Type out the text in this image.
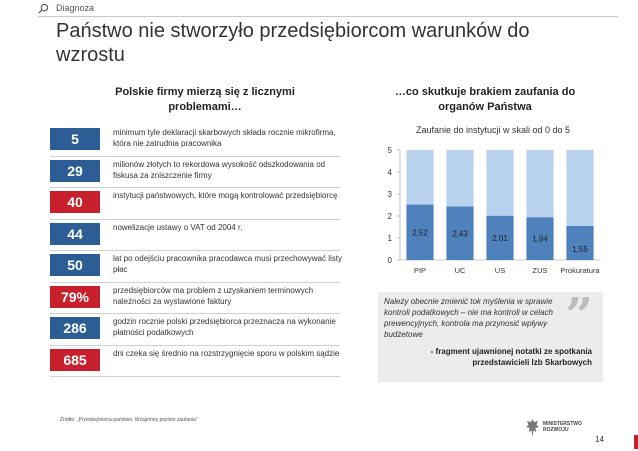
Diagnoza
Państwo nie stworzyło przedsiębiorcom warunków do wzrostu
Polskie firmy mierzą się z licznymi problemami…
…co skutkuje brakiem zaufania do organów Państwa
5	minimum tyle deklaracji skarbowych składa rocznie mikrofirma, która nie zatrudnia pracownika
29	milionów złotych to rekordowa wysokość odszkodowania od fiskusa za zniszczenie firmy
40	instytucji państwowych, które mogą kontrolować przedsiębiorcę
44	nowelizacje ustawy o VAT od 2004 r.
50	lat po odejściu pracownika pracodawca musi przechowywać listy płac
79%	przedsiębiorców ma problem z uzyskaniem terminowych należności za wystawione faktury
286	godzin rocznie polski przedsiębiorca przeznacza na wykonanie płatności podatkowych
685	dni czeka się średnio na rozstrzygnięcie sporu w polskim sądzie
Zaufanie do instytucji w skali od 0 do 5
0
1
2
3
4
5
2,52
PIP
2,43
UC
2,01
US
1,94
ZUS
1,55
Prokuratura
Należy obecnie zmienić tok myślenia w sprawie kontroli podatkowych – nie ma kontroli w celach prewencyjnych, kontrola ma przynosić wpływy budżetowe	”
- fragment ujawnionej notatki ze spotkania przedstawicieli Izb Skarbowych
Źródło: „Przedsiębiorca-państwo. Wzajemny poziom zaufania”
MINISTERSTWO
ROZWOJU
14
